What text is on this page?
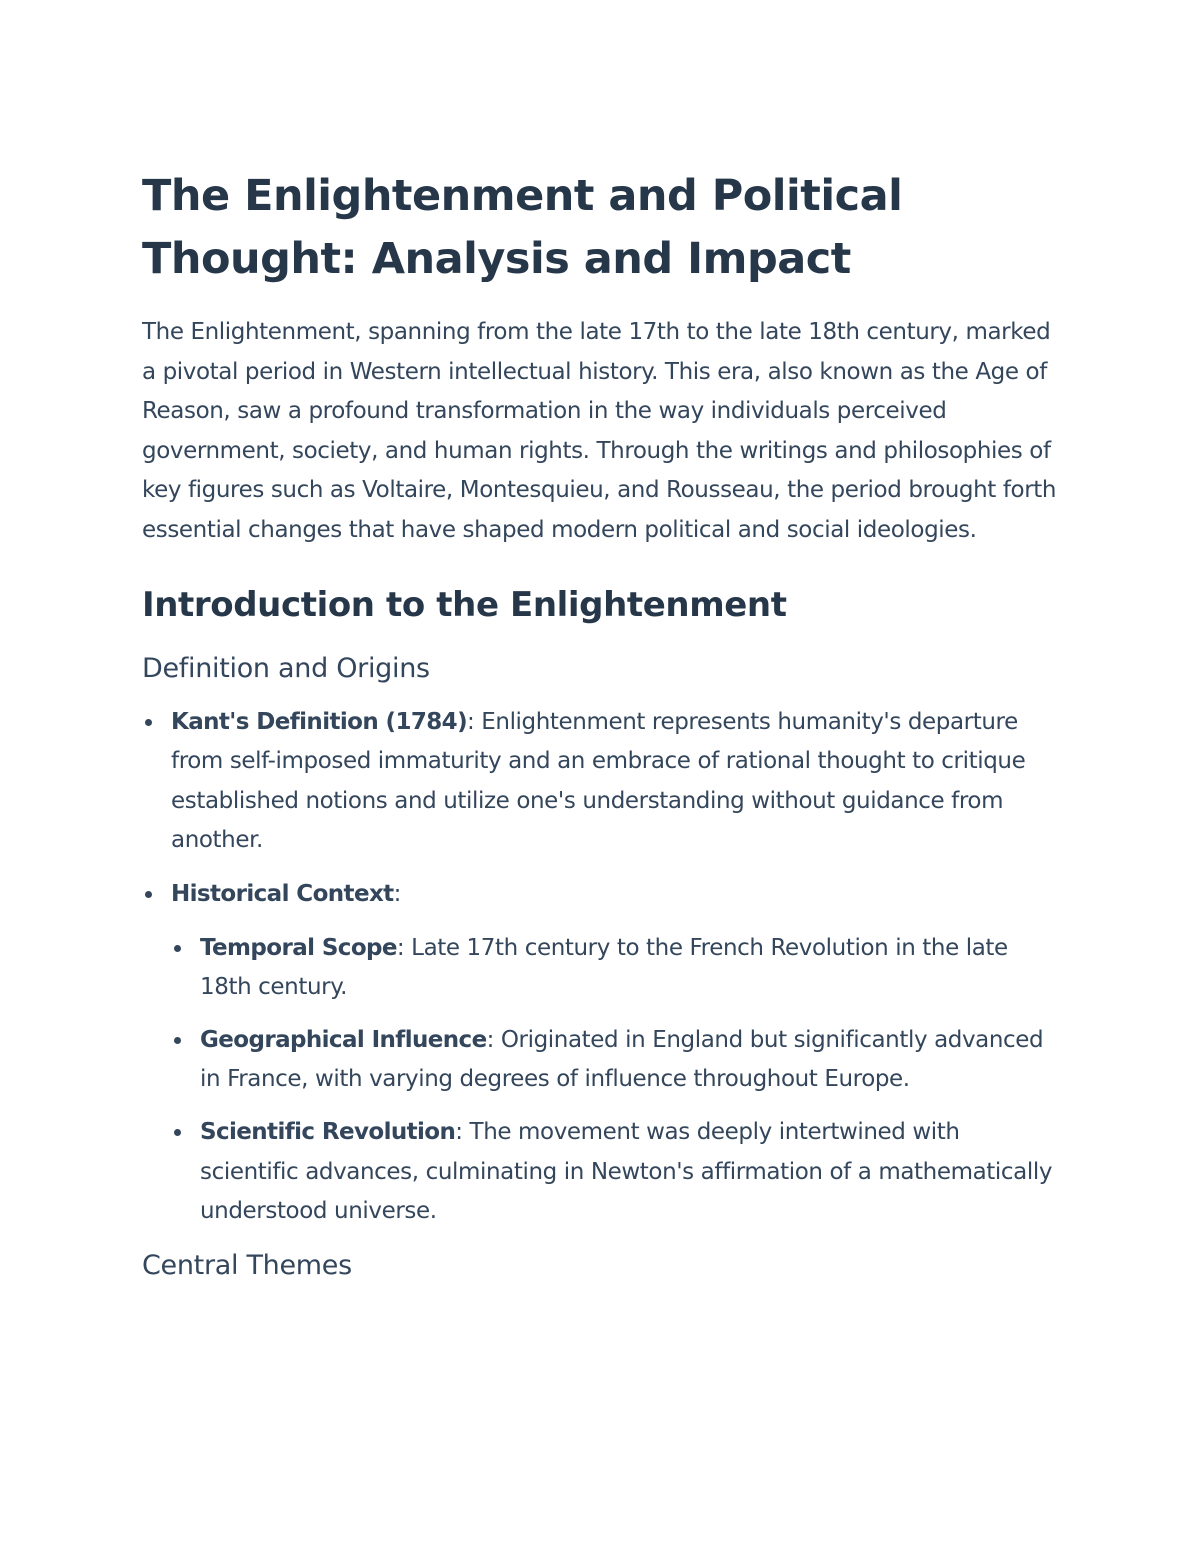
The Enlightenment and Political Thought: Analysis and Impact

The Enlightenment, spanning from the late 17th to the late 18th century, marked a pivotal period in Western intellectual history. This era, also known as the Age of Reason, saw a profound transformation in the way individuals perceived government, society, and human rights. Through the writings and philosophies of key figures such as Voltaire, Montesquieu, and Rousseau, the period brought forth essential changes that have shaped modern political and social ideologies.

Introduction to the Enlightenment
Definition and Origins
Kant's Definition (1784): Enlightenment represents humanity's departure from self-imposed immaturity and an embrace of rational thought to critique established notions and utilize one's understanding without guidance from another.
Historical Context:
Temporal Scope: Late 17th century to the French Revolution in the late 18th century.
Geographical Influence: Originated in England but significantly advanced in France, with varying degrees of influence throughout Europe.
Scientific Revolution: The movement was deeply intertwined with scientific advances, culminating in Newton's affirmation of a mathematically understood universe.
Central Themes
